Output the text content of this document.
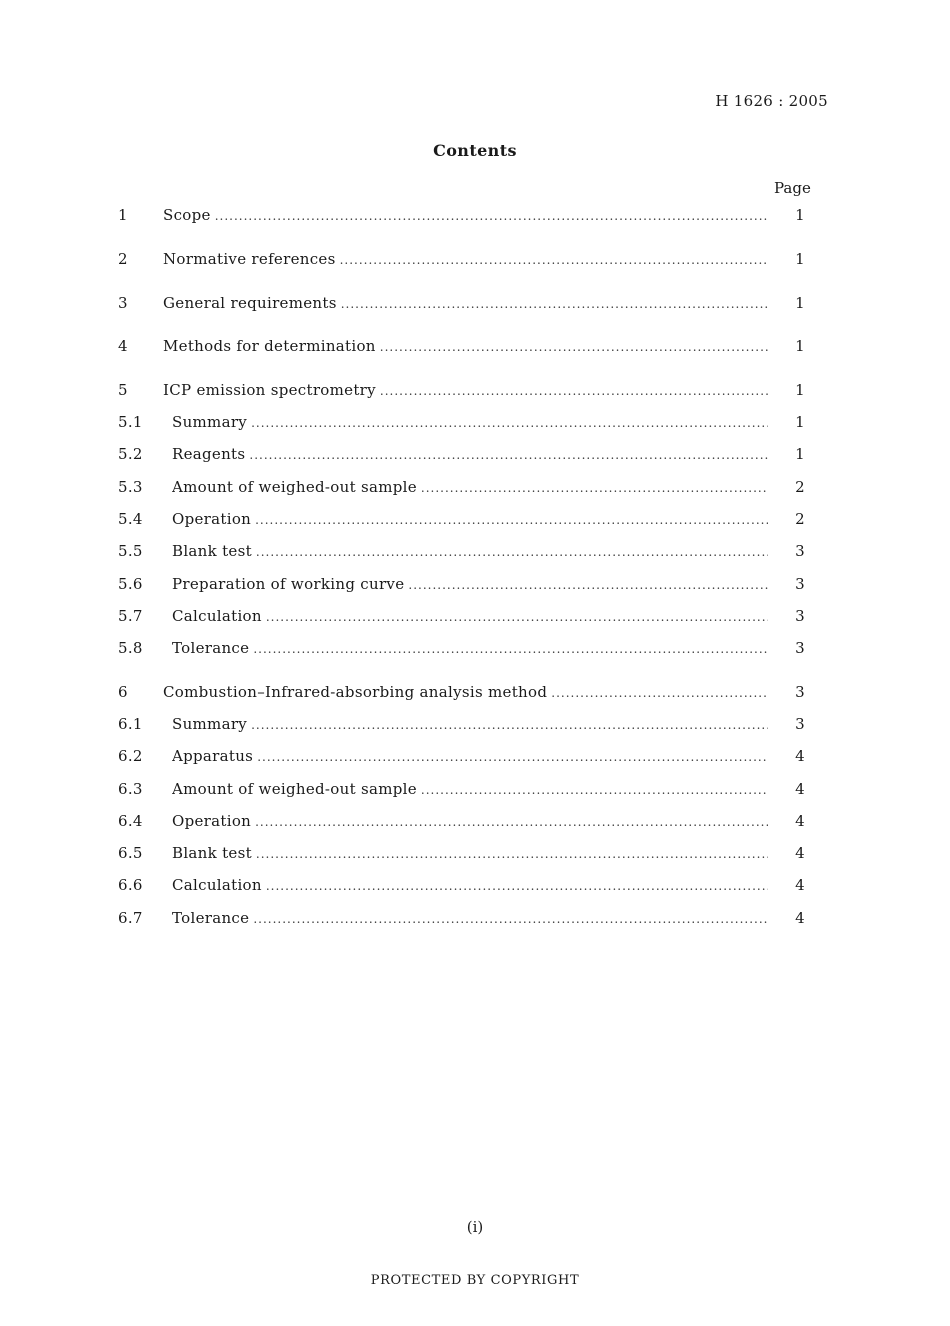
H 1626 : 2005
Contents
Page
1 Scope .....	1
2 Normative references .....	1
3 General requirements .....	1
4 Methods for determination .....	1
5 ICP emission spectrometry .....	1
5.1 Summary .....	1
5.2 Reagents .....	1
5.3 Amount of weighed-out sample .....	2
5.4 Operation .....	2
5.5 Blank test .....	3
5.6 Preparation of working curve .....	3
5.7 Calculation .....	3
5.8 Tolerance .....	3
6 Combustion–Infrared-absorbing analysis method .....	3
6.1 Summary .....	3
6.2 Apparatus .....	4
6.3 Amount of weighed-out sample .....	4
6.4 Operation .....	4
6.5 Blank test .....	4
6.6 Calculation .....	4
6.7 Tolerance .....	4
(i)
PROTECTED BY COPYRIGHT
